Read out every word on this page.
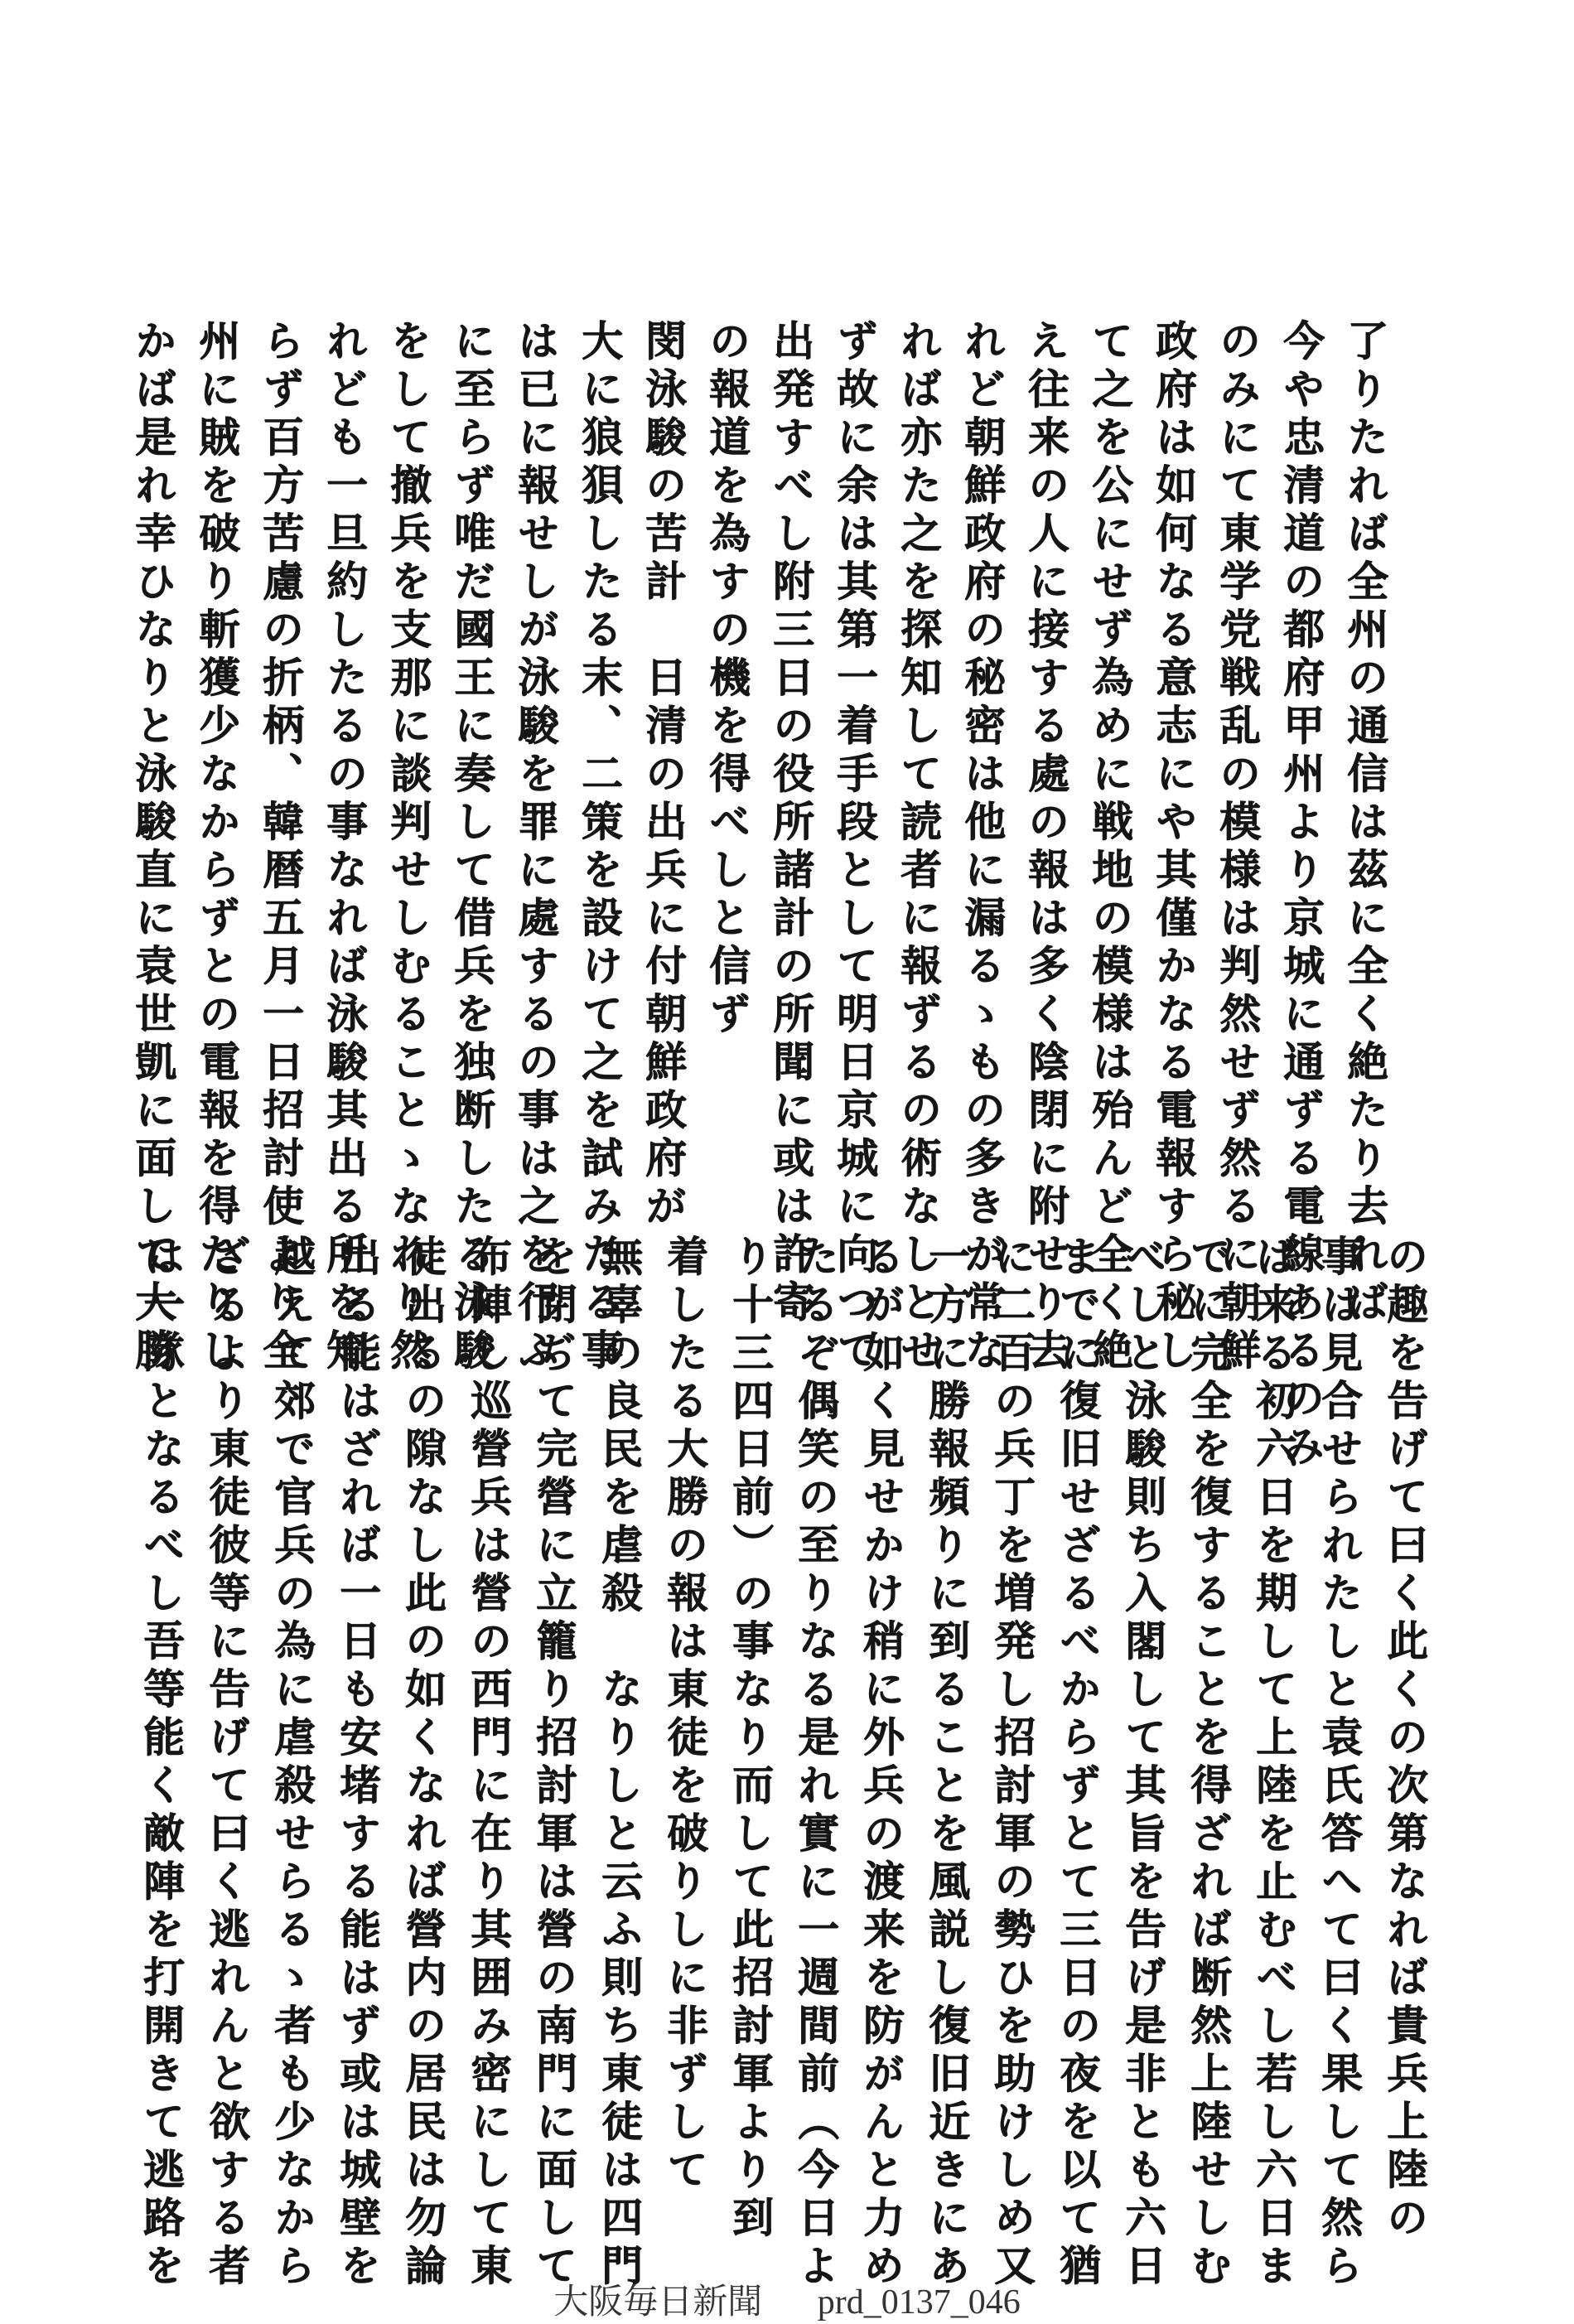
了りたれば全州の通信は茲に全く絶たり去れば
今や忠清道の都府甲州より京城に通ずる電線あるのみ
のみにて東学党戦乱の模様は判然せず然るに朝鮮
政府は如何なる意志にや其僅かなる電報すら秘し
て之を公にせず為めに戦地の模様は殆んど全く絶
え往来の人に接する處の報は多く陰閉に附せり去
れど朝鮮政府の秘密は他に漏るゝもの多きが常な
れば亦た之を探知して読者に報ずるの術なしとせ
ず故に余は其第一着手段として明日京城に向つて
出発すべし附三日の役所諸計の所聞に或は許寄
の報道を為すの機を得べしと信ず
閔泳駿の苦計　日清の出兵に付朝鮮政府が
大に狼狽したる末、二策を設けて之を試みたる事
は已に報せしが泳駿を罪に處するの事は之を行ふ
に至らず唯だ國王に奏して借兵を独断したる泳駿
をして撤兵を支那に談判せしむることゝなれり然
れども一旦約したるの事なれば泳駿其出る所を知
らず百方苦慮の折柄、韓暦五月一日招討使より全
州に賊を破り斬獲少なからずとの電報を得たりし
かば是れ幸ひなりと泳駿直に袁世凱に面して大勝
の趣を告げて曰く此くの次第なれば貴兵上陸の
事は見合せられたしと袁氏答へて曰く果して然ら
ば来る初六日を期して上陸を止むべし若し六日ま
でに完全を復することを得ざれば断然上陸せしむ
べしと泳駿則ち入閣して其旨を告げ是非とも六日
までに復旧せざるべからずとて三日の夜を以て猶
に二百の兵丁を増発し招討軍の勢ひを助けしめ又
一方に勝報頻りに到ることを風説し復旧近きにあ
るが如く見せかけ稍に外兵の渡来を防がんと力め
たるぞ偶笑の至りなる是れ實に一週間前（今日よ
り十三四日前）の事なり而して此招討軍より到
着したる大勝の報は東徒を破りしに非ずして
無辜の良民を虐殺　なりしと云ふ則ち東徒は四門
を閉ぢて完營に立籠り招討軍は營の南門に面して
布陣し巡營兵は營の西門に在り其囲み密にして東
徒出るの隙なし此の如くなれば營内の居民は勿論
出る能はざれば一日も安堵する能はず或は城壁を
越えて郊で官兵の為に虐殺せらるゝ者も少なから
ざるより東徒彼等に告げて曰く逃れんと欲する者
は一隊となるべし吾等能く敵陣を打開きて逃路を
大阪毎日新聞 prd_0137_046
